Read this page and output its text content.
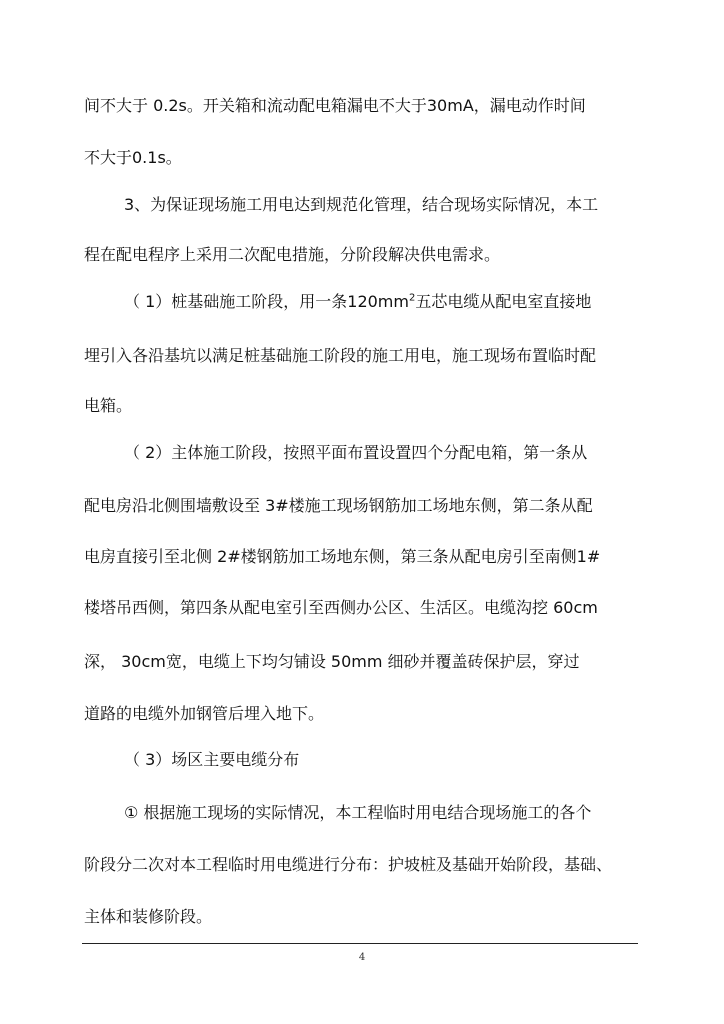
间不大于 0.2s。开关箱和流动配电箱漏电不大于30mA，漏电动作时间
不大于0.1s。
3、为保证现场施工用电达到规范化管理，结合现场实际情况，本工
程在配电程序上采用二次配电措施，分阶段解决供电需求。
（ 1）桩基础施工阶段，用一条$120mm^2$五芯电缆从配电室直接地
埋引入各沿基坑以满足桩基础施工阶段的施工用电，施工现场布置临时配
电箱。
（ 2）主体施工阶段，按照平面布置设置四个分配电箱，第一条从
配电房沿北侧围墙敷设至 3#楼施工现场钢筋加工场地东侧，第二条从配
电房直接引至北侧 2#楼钢筋加工场地东侧，第三条从配电房引至南侧1#
楼塔吊西侧，第四条从配电室引至西侧办公区、生活区。电缆沟挖 60cm
深， 30cm宽，电缆上下均匀铺设 50mm 细砂并覆盖砖保护层，穿过
道路的电缆外加钢管后埋入地下。
（ 3）场区主要电缆分布
① 根据施工现场的实际情况，本工程临时用电结合现场施工的各个
阶段分二次对本工程临时用电缆进行分布：护坡桩及基础开始阶段，基础、
主体和装修阶段。
4
